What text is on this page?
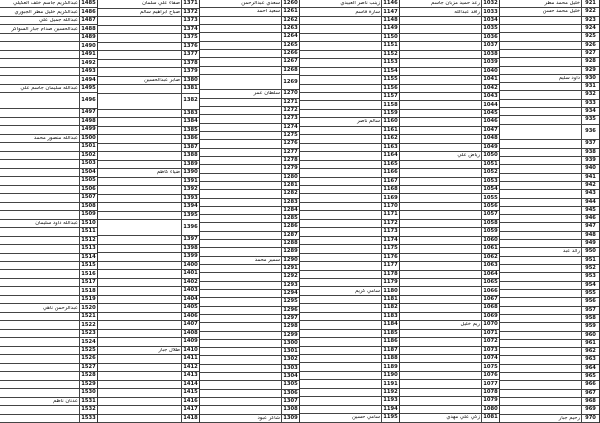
عبدالكريم جاسم خلف العكيلي 1485
عبدالكريم خليل مطر الجبوري 1486
عبدالله جميل علي 1487
عبدالحسين صدام جبار السواكر 1488
1489
1490
1491
1492
1493
1494
عبدالله سليمان جاسم علي 1495
1496
1497
1498
1499
عبدالله منصور محمد 1500
1501
1502
1503
1504
1505
1506
1507
1508
1509
عبدالله داود سليمان 1510
1511
1512
1513
1514
1515
1516
1517
1518
1519
عبدالرحمن ناهي 1520
1521
1522
1523
1524
1525
1526
1527
1528
1529
1530
عدنان ناظم 1531
1532
1533
صفاء علي سلمان 1371
صباح ابراهيم سالم 1372
1373
1374
1375
1376
1377
1378
1379
صابر عبدالحسين 1380
1381
1382
1383
1384
1385
1386
1387
1388
1389
ضياء كاظم 1390
1391
1392
1393
1394
1395
1396
1397
1398
1399
1400
1401
1402
1403
1404
1405
1406
1407
1408
1409
طلال جبار 1410
1411
1412
1413
1414
1415
1416
1417
1418
سعدي عبدالرحمن 1260
سعيد احمد 1261
1262
1263
1264
1265
1266
1267
1268
1269
سلطان عمر 1270
1271
1272
1273
1274
1275
1276
1277
1278
1279
1280
1281
1282
1283
1284
1285
1286
1287
1288
1289
سمير محمد 1290
1291
1292
1293
1294
1295
1296
1297
1298
1299
1300
1301
1302
1303
1304
1305
1306
1307
1308
شاكر عبود 1309
زينب ناصر العبيدي 1146
سارة قاسم 1147
1148
1149
1150
1151
1152
1153
1154
1155
1156
1157
1158
1159
سالم ناصر 1160
1161
1162
1163
1164
1165
1166
1167
1168
1169
1170
1171
1172
1173
1174
1175
1176
1177
1178
1179
سامي كريم 1180
1181
1182
1183
1184
1185
1186
1187
1188
1189
1190
1191
1192
1193
1194
سامي حسين 1195
رعد حميد مزبان جاسم 1032
رافد عبدالله 1033
1034
1035
1036
1037
1038
1039
1040
1041
1042
1043
1044
1045
1046
1047
1048
1049
رياض علي 1050
1051
1052
1053
1054
1055
1056
1057
1058
1059
1060
1061
1062
1063
1064
1065
1066
1067
1068
1069
ريم خليل 1070
1071
1072
1073
1074
1075
1076
1077
1078
1079
1080
زكي علي مهدي 1081
خليل محمد مطر 921
خليل محمد حسن 922
923
924
925
926
927
928
929
داود سليم 930
931
932
933
934
935
936
937
938
939
940
941
942
943
944
945
946
947
948
949
رائد عبد 950
951
952
953
954
955
956
957
958
959
960
961
962
963
964
965
966
967
968
969
رحيم جبار 970
